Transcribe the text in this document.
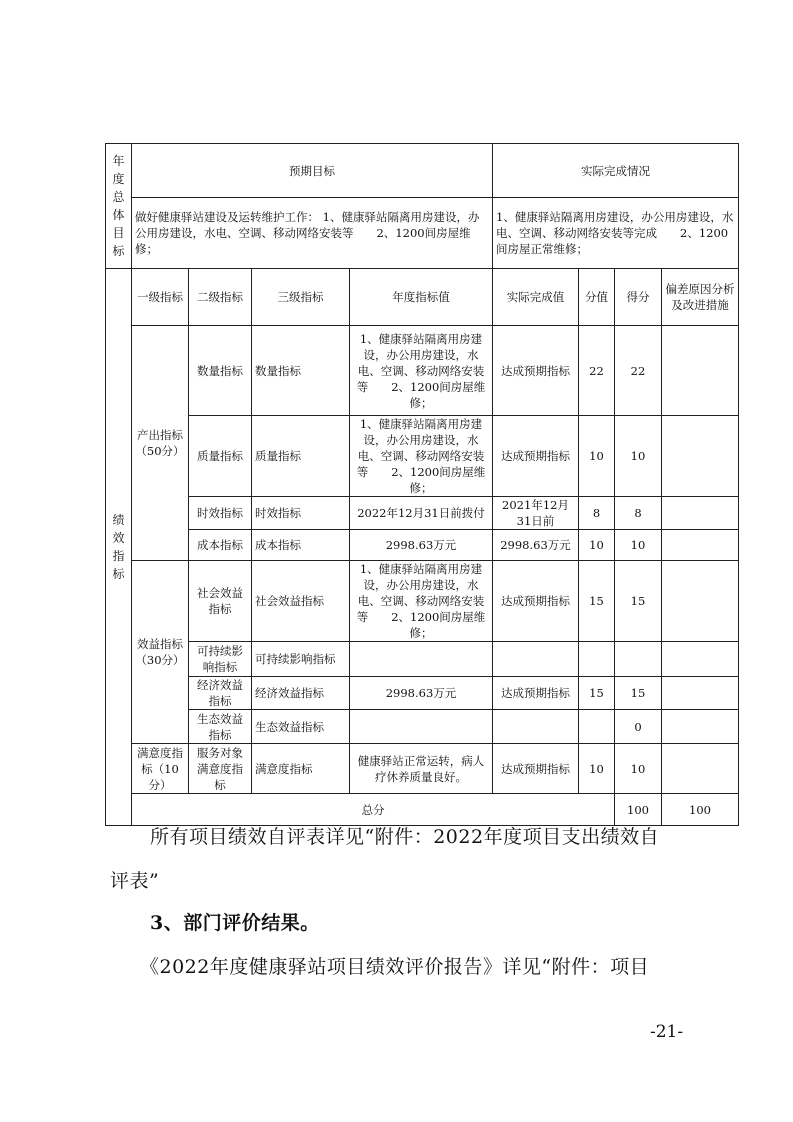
年度总体目标	预期目标				实际完成情况				
	做好健康驿站建设及运转维护工作： 1、健康驿站隔离用房建设，办公用房建设，水电、空调、移动网络安装等　　2、1200间房屋维修；				1、健康驿站隔离用房建设，办公用房建设，水电、空调、移动网络安装等完成　　2、1200间房屋正常维修；				
绩效指标	一级指标	二级指标	三级指标	年度指标值	实际完成值	分值	得分	偏差原因分析及改进措施	
	产出指标（50分）	数量指标	数量指标	1、健康驿站隔离用房建设，办公用房建设，水电、空调、移动网络安装等　　2、1200间房屋维修；	达成预期指标	22	22		
		质量指标	质量指标	1、健康驿站隔离用房建设，办公用房建设，水电、空调、移动网络安装等　　2、1200间房屋维修；	达成预期指标	10	10		
		时效指标	时效指标	2022年12月31日前拨付	2021年12月31日前	8	8		
		成本指标	成本指标	2998.63万元	2998.63万元	10	10		
	效益指标（30分）	社会效益指标	社会效益指标	1、健康驿站隔离用房建设，办公用房建设，水电、空调、移动网络安装等　　2、1200间房屋维修；	达成预期指标	15	15		
		可持续影响指标	可持续影响指标						
		经济效益指标	经济效益指标	2998.63万元	达成预期指标	15	15		
		生态效益指标	生态效益指标				0		
	满意度指标（10分）	服务对象满意度指标	满意度指标	健康驿站正常运转，病人疗休养质量良好。	达成预期指标	10	10		
	总分						100	100	
所有项目绩效自评表详见“附件：2022年度项目支出绩效自
评表”
3、部门评价结果。
《2022年度健康驿站项目绩效评价报告》详见“附件：项目
-21-
